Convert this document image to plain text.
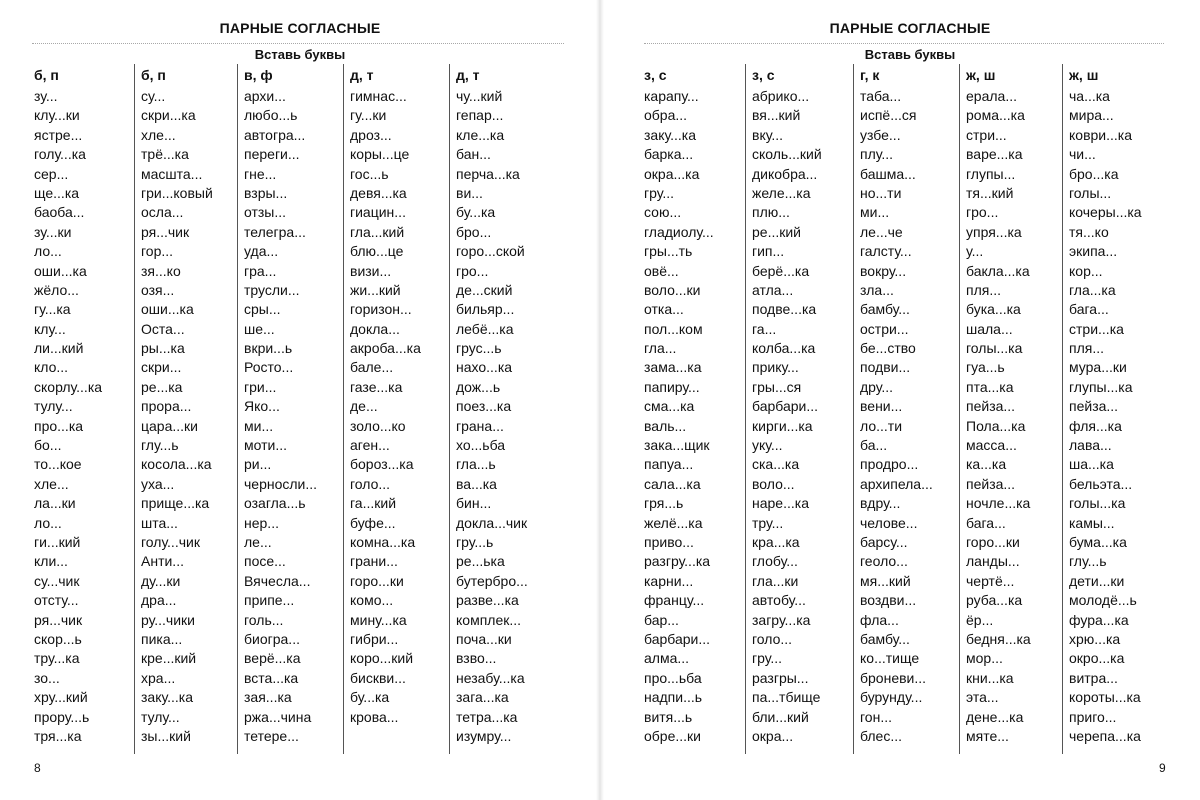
ПАРНЫЕ СОГЛАСНЫЕ
Вставь буквы
б, п
зу...
клу...ки
ястре...
голу...ка
сер...
ще...ка
баоба...
зу...ки
ло...
оши...ка
жёло...
гу...ка
клу...
ли...кий
кло...
скорлу...ка
тулу...
про...ка
бо...
то...кое
хле...
ла...ки
ло...
ги...кий
кли...
су...чик
отсту...
ря...чик
скор...ь
тру...ка
зо...
хру...кий
прору...ь
тря...ка
б, п
су...
скри...ка
хле...
трё...ка
масшта...
гри...ковый
осла...
ря...чик
гор...
зя...ко
озя...
оши...ка
Оста...
ры...ка
скри...
ре...ка
прора...
цара...ки
глу...ь
косола...ка
уха...
прище...ка
шта...
голу...чик
Анти...
ду...ки
дра...
ру...чики
пика...
кре...кий
хра...
заку...ка
тулу...
зы...кий
в, ф
архи...
любо...ь
автогра...
переги...
гне...
взры...
отзы...
телегра...
уда...
гра...
трусли...
сры...
ше...
вкри...ь
Росто...
гри...
Яко...
ми...
моти...
ри...
черносли...
озагла...ь
нер...
ле...
посе...
Вячесла...
припе...
голь...
биогра...
верё...ка
вста...ка
зая...ка
ржа...чина
тетере...
д, т
гимнас...
гу...ки
дроз...
коры...це
гос...ь
девя...ка
гиацин...
гла...кий
блю...це
визи...
жи...кий
горизон...
докла...
акроба...ка
бале...
газе...ка
де...
золо...ко
аген...
бороз...ка
голо...
га...кий
буфе...
комна...ка
грани...
горо...ки
комо...
мину...ка
гибри...
коро...кий
бискви...
бу...ка
крова...
д, т
чу...кий
гепар...
кле...ка
бан...
перча...ка
ви...
бу...ка
бро...
горо...ской
гро...
де...ский
бильяр...
лебё...ка
грус...ь
нахо...ка
дож...ь
поез...ка
грана...
хо...ьба
гла...ь
ва...ка
бин...
докла...чик
гру...ь
ре...ька
бутербро...
разве...ка
комплек...
поча...ки
взво...
незабу...ка
зага...ка
тетра...ка
изумру...
8
ПАРНЫЕ СОГЛАСНЫЕ
Вставь буквы
з, с
карапу...
обра...
заку...ка
барка...
окра...ка
гру...
сою...
гладиолу...
гры...ть
овё...
воло...ки
отка...
пол...ком
гла...
зама...ка
папиру...
сма...ка
валь...
зака...щик
папуа...
сала...ка
гря...ь
желё...ка
приво...
разгру...ка
карни...
францу...
бар...
барбари...
алма...
про...ьба
надпи...ь
витя...ь
обре...ки
з, с
абрико...
вя...кий
вку...
сколь...кий
дикобра...
желе...ка
плю...
ре...кий
гип...
берё...ка
атла...
подве...ка
га...
колба...ка
прику...
гры...ся
барбари...
кирги...ка
уку...
ска...ка
воло...
наре...ка
тру...
кра...ка
глобу...
гла...ки
автобу...
загру...ка
голо...
гру...
разгры...
па...тбище
бли...кий
окра...
г, к
таба...
испё...ся
узбе...
плу...
башма...
но...ти
ми...
ле...че
галсту...
вокру...
зла...
бамбу...
остри...
бе...ство
подви...
дру...
вени...
ло...ти
ба...
продро...
архипела...
вдру...
челове...
барсу...
геоло...
мя...кий
воздви...
фла...
бамбу...
ко...тище
броневи...
бурунду...
гон...
блес...
ж, ш
ерала...
рома...ка
стри...
варе...ка
глупы...
тя...кий
гро...
упря...ка
у...
бакла...ка
пля...
бука...ка
шала...
голы...ка
гуа...ь
пта...ка
пейза...
Пола...ка
масса...
ка...ка
пейза...
ночле...ка
бага...
горо...ки
ланды...
чертё...
руба...ка
ёр...
бедня...ка
мор...
кни...ка
эта...
дене...ка
мяте...
ж, ш
ча...ка
мира...
коври...ка
чи...
бро...ка
голы...
кочеры...ка
тя...ко
экипа...
кор...
гла...ка
бага...
стри...ка
пля...
мура...ки
глупы...ка
пейза...
фля...ка
лава...
ша...ка
бельэта...
голы...ка
камы...
бума...ка
глу...ь
дети...ки
молодё...ь
фура...ка
хрю...ка
окро...ка
витра...
короты...ка
приго...
черепа...ка
9
